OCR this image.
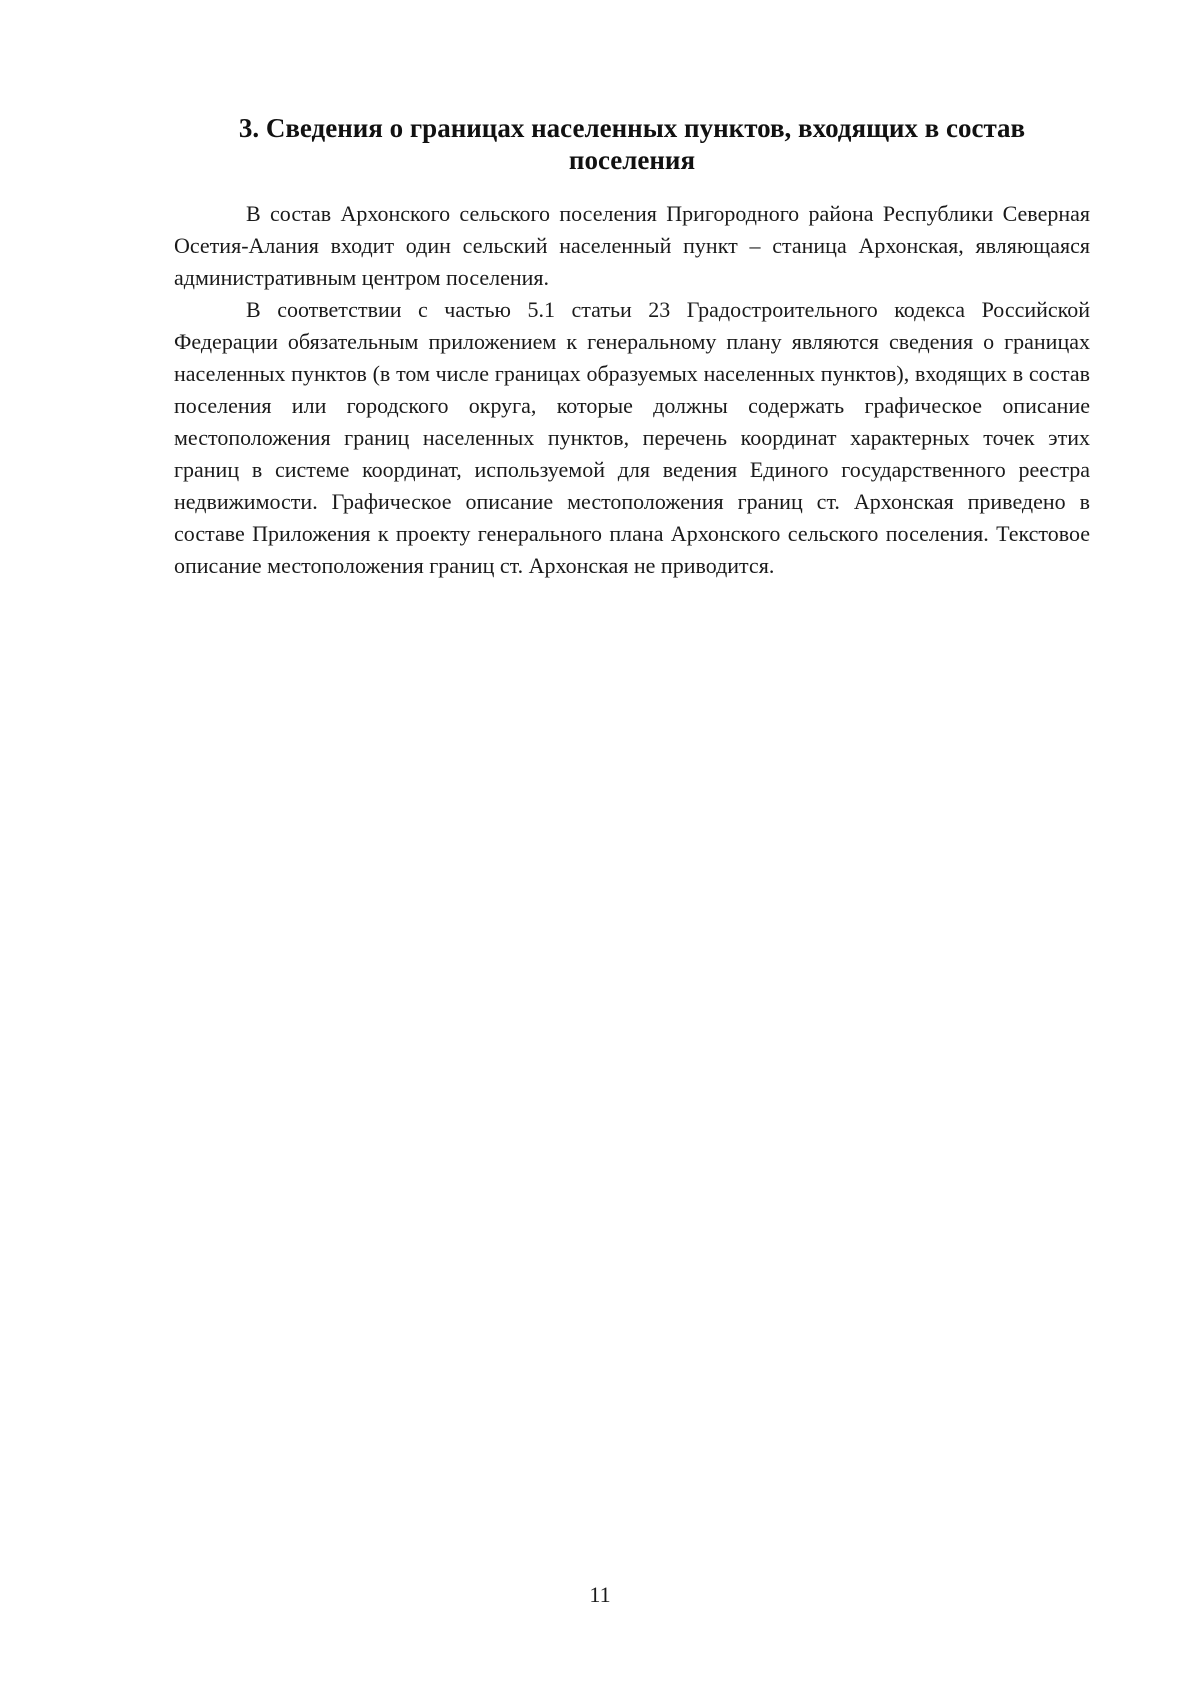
3. Сведения о границах населенных пунктов, входящих в состав поселения

В состав Архонского сельского поселения Пригородного района Республики Северная Осетия-Алания входит один сельский населенный пункт – станица Архонская, являющаяся административным центром поселения.

В соответствии с частью 5.1 статьи 23 Градостроительного кодекса Российской Федерации обязательным приложением к генеральному плану являются сведения о границах населенных пунктов (в том числе границах образуемых населенных пунктов), входящих в состав поселения или городского округа, которые должны содержать графическое описание местоположения границ населенных пунктов, перечень координат характерных точек этих границ в системе координат, используемой для ведения Единого государственного реестра недвижимости. Графическое описание местоположения границ ст. Архонская приведено в составе Приложения к проекту генерального плана Архонского сельского поселения. Текстовое описание местоположения границ ст. Архонская не приводится.

11
